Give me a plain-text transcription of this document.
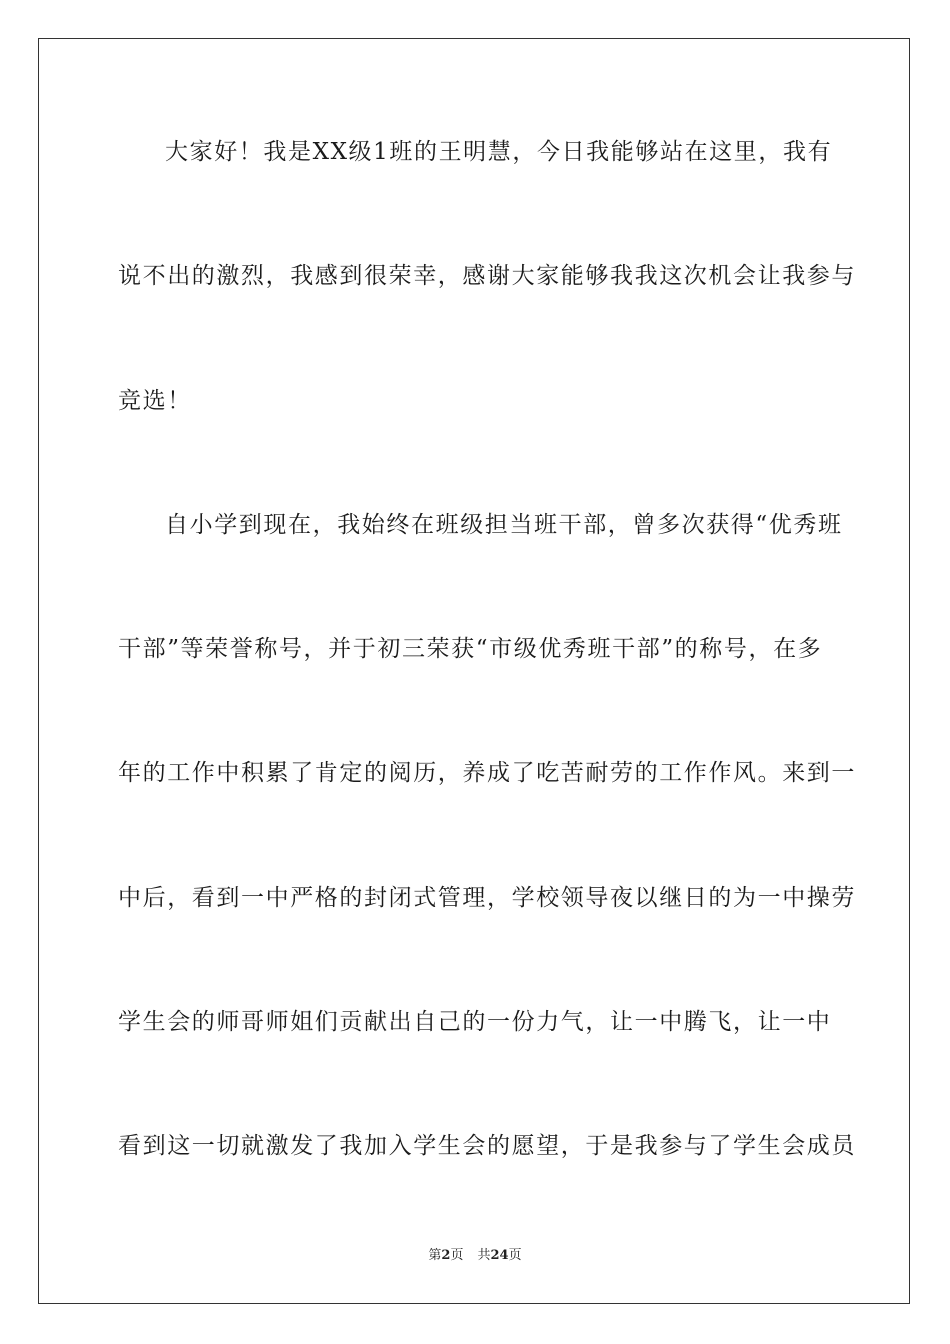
大家好！我是XX级1班的王明慧，今日我能够站在这里，我有
说不出的激烈，我感到很荣幸，感谢大家能够我我这次机会让我参与
竞选！
自小学到现在，我始终在班级担当班干部，曾多次获得“优秀班
干部”等荣誉称号，并于初三荣获“市级优秀班干部”的称号，在多
年的工作中积累了肯定的阅历，养成了吃苦耐劳的工作作风。来到一
中后，看到一中严格的封闭式管理，学校领导夜以继日的为一中操劳
学生会的师哥师姐们贡献出自己的一份力气，让一中腾飞，让一中
看到这一切就激发了我加入学生会的愿望，于是我参与了学生会成员
第2页 共24页
